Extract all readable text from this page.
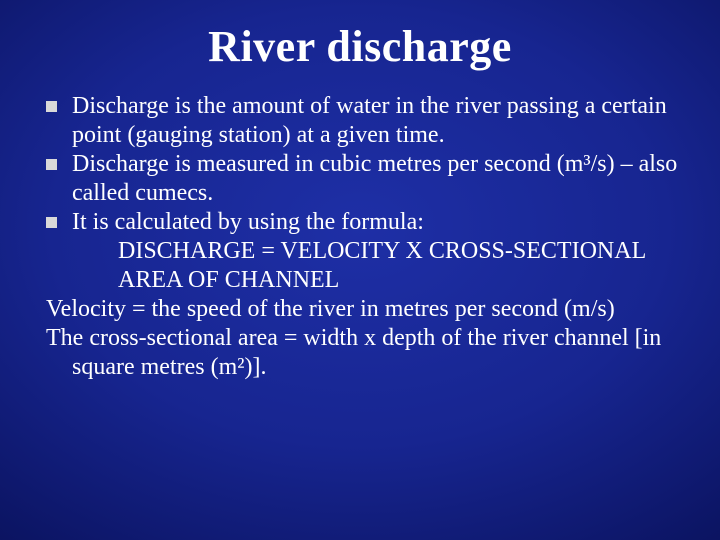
River discharge
Discharge is the amount of water in the river passing a certain point (gauging station) at a given time.
Discharge is measured in cubic metres per second (m³/s) – also called cumecs.
It is calculated by using the formula:
DISCHARGE = VELOCITY X CROSS-SECTIONAL AREA OF CHANNEL
Velocity = the speed of the river in metres per second (m/s)
The cross-sectional area = width x depth of the river channel [in square metres (m²)].
